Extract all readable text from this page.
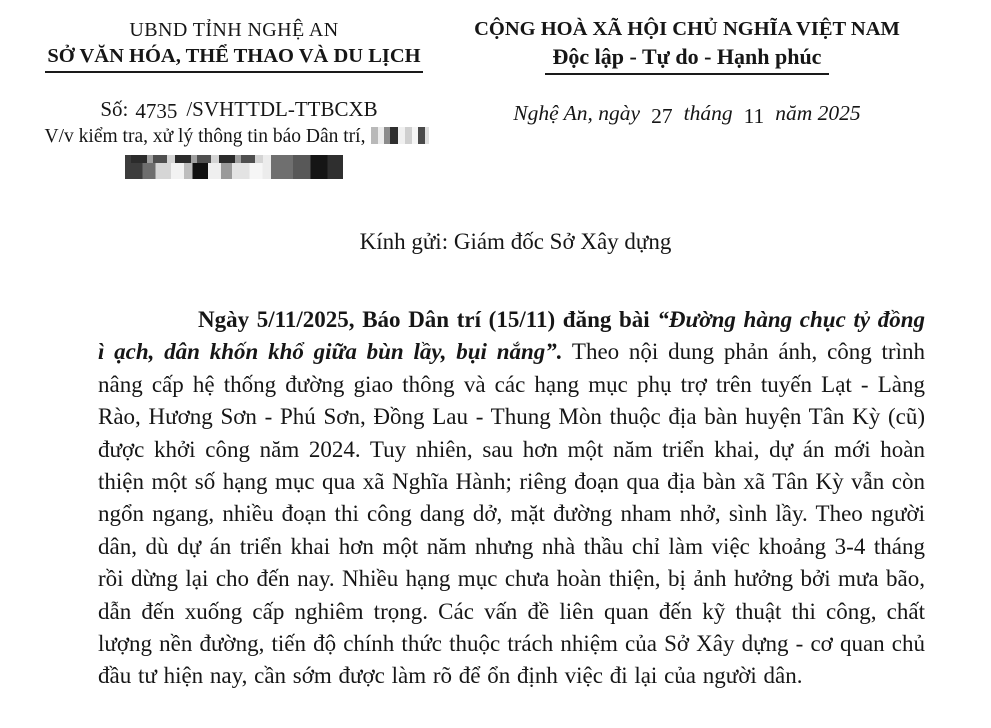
UBND TỈNH NGHỆ AN
SỞ VĂN HÓA, THỂ THAO VÀ DU LỊCH
Số: 4735 /SVHTTDL-TTBCXB
V/v kiểm tra, xử lý thông tin báo Dân trí,
CỘNG HOÀ XÃ HỘI CHỦ NGHĨA VIỆT NAM
Độc lập - Tự do - Hạnh phúc
Nghệ An, ngày 27 tháng 11 năm 2025
Kính gửi: Giám đốc Sở Xây dựng
Ngày 5/11/2025, Báo Dân trí (15/11) đăng bài “Đường hàng chục tỷ đồng ì ạch, dân khốn khổ giữa bùn lầy, bụi nắng”. Theo nội dung phản ánh, công trình nâng cấp hệ thống đường giao thông và các hạng mục phụ trợ trên tuyến Lạt - Làng Rào, Hương Sơn - Phú Sơn, Đồng Lau - Thung Mòn thuộc địa bàn huyện Tân Kỳ (cũ) được khởi công năm 2024. Tuy nhiên, sau hơn một năm triển khai, dự án mới hoàn thiện một số hạng mục qua xã Nghĩa Hành; riêng đoạn qua địa bàn xã Tân Kỳ vẫn còn ngổn ngang, nhiều đoạn thi công dang dở, mặt đường nham nhở, sình lầy. Theo người dân, dù dự án triển khai hơn một năm nhưng nhà thầu chỉ làm việc khoảng 3-4 tháng rồi dừng lại cho đến nay. Nhiều hạng mục chưa hoàn thiện, bị ảnh hưởng bởi mưa bão, dẫn đến xuống cấp nghiêm trọng. Các vấn đề liên quan đến kỹ thuật thi công, chất lượng nền đường, tiến độ chính thức thuộc trách nhiệm của Sở Xây dựng - cơ quan chủ đầu tư hiện nay, cần sớm được làm rõ để ổn định việc đi lại của người dân.
